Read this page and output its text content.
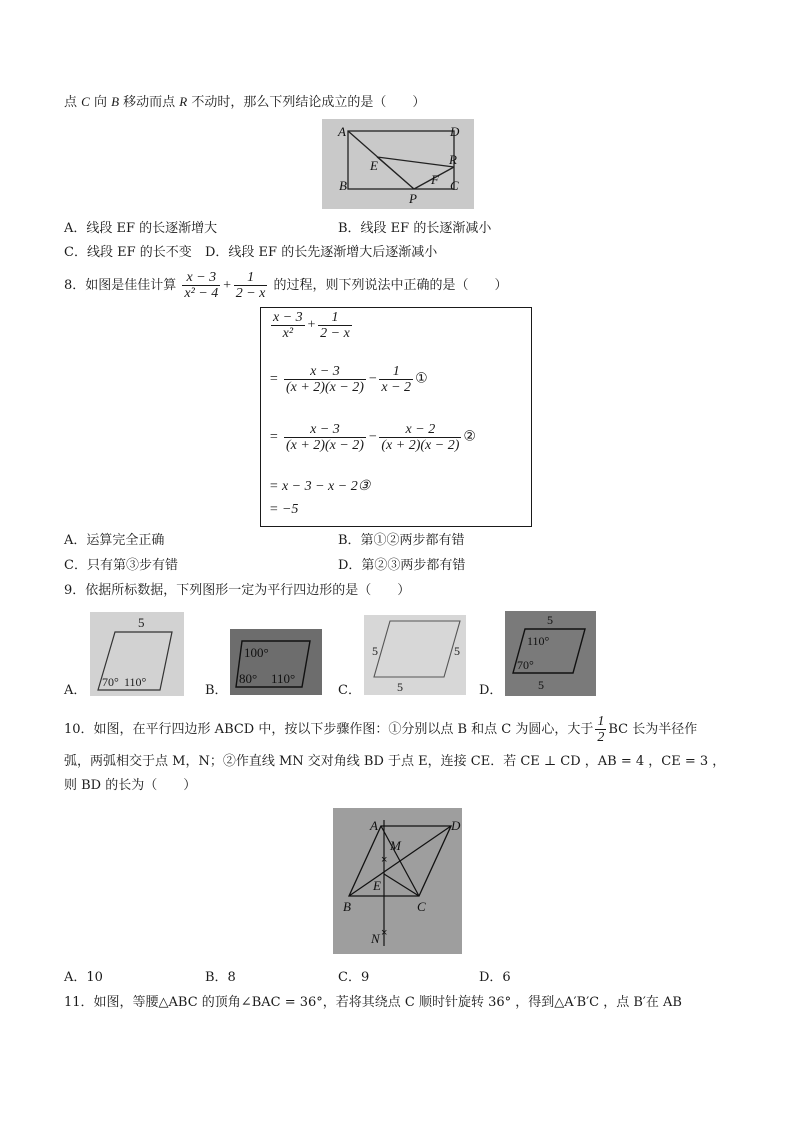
点 C 向 B 移动而点 R 不动时，那么下列结论成立的是（　　）
A	D
E	R
F
B
P
C
A．线段 EF 的长逐渐增大	B．线段 EF 的长逐渐减小
C．线段 EF 的长不变 D．线段 EF 的长先逐渐增大后逐渐减小
8．如图是佳佳计算 $\frac{x - 3}{\text{x² − 4}} + \frac{1}{2 - x}$ 的过程，则下列说法中正确的是（　　）
$\frac{x - 3}{\text{x²}} + \frac{1}{2 - x}$
= $\frac{x - 3}{(x + 2)(x - 2)} - \frac{1}{x - 2}$ ①
= $\frac{x - 3}{(x + 2)(x - 2)} - \frac{x - 2}{(x + 2)(x - 2)}$ ②
= x − 3 − x − 2③
= −5
A．运算完全正确	B．第①②两步都有错
C．只有第③步有错	D．第②③两步都有错
9．依据所标数据，下列图形一定为平行四边形的是（　　）
A．
5
70° 110°
B．
100°
80° 110°
C．
5	5
5	D．
5
110°
70°
5
10．如图，在平行四边形 ABCD 中，按以下步骤作图：①分别以点 B 和点 C 为圆心，大于 $\frac{1}{2}$ BC 长为半径作
弧，两弧相交于点 M，N；②作直线 MN 交对角线 BD 于点 E，连接 CE．若 CE ⊥ CD ，AB = 4 ，CE = 3 ，
则 BD 的长为（　　）
×
×
A	D
M
E
B	C
N
A．10	B．8	C．9	D．6
11．如图，等腰△ABC 的顶角∠BAC = 36°，若将其绕点 C 顺时针旋转 36° ，得到△A′B′C ，点 B′在 AB
